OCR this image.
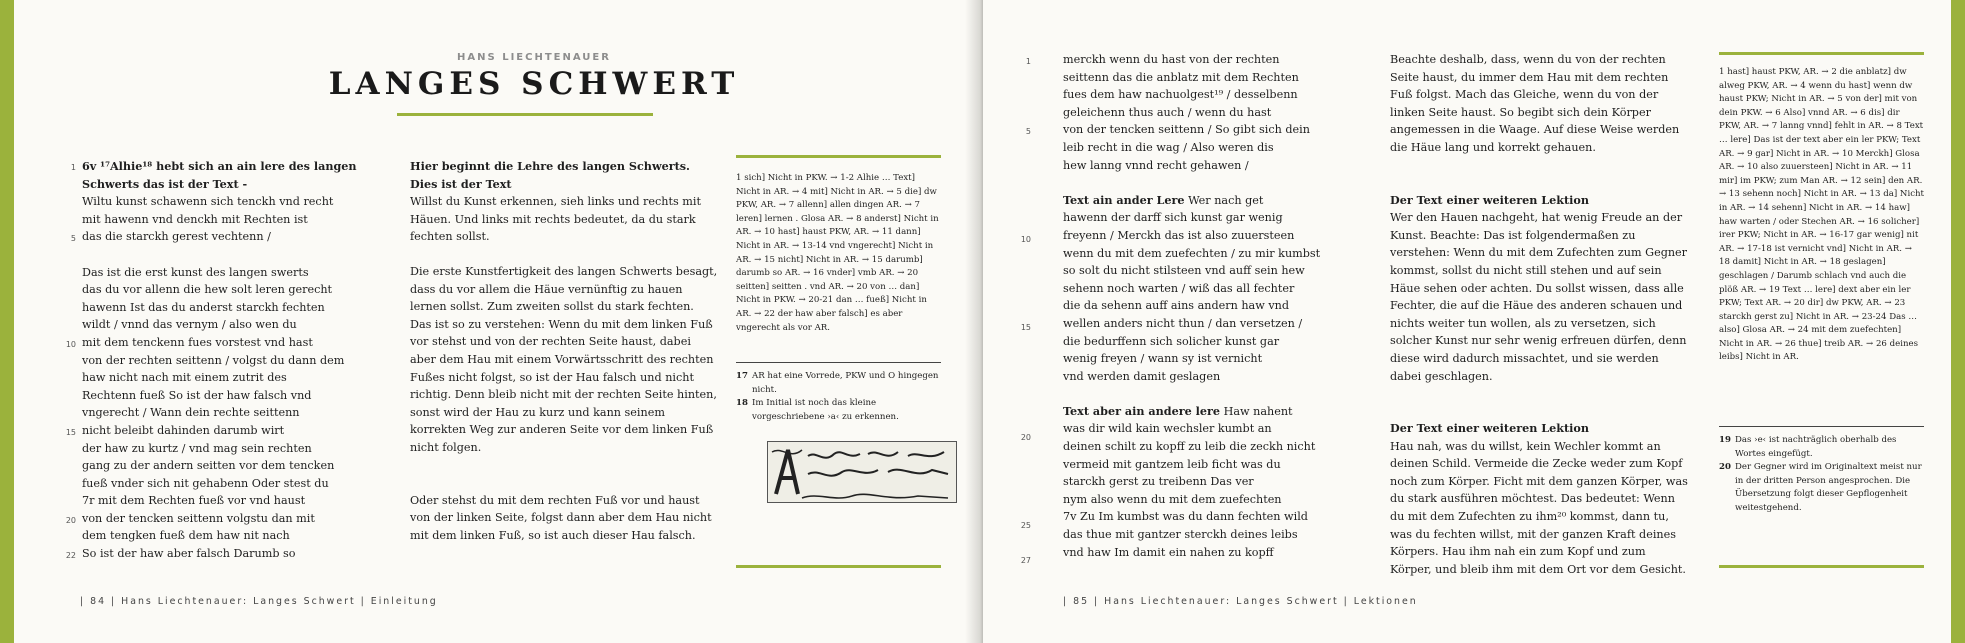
HANS LIECHTENAUER
LANGES SCHWERT
1
5
10
15
20
22
6v ¹⁷Alhie¹⁸ hebt sich an ain lere des langen
Schwerts das ist der Text -
Wiltu kunst schawenn sich tenckh vnd recht
mit hawenn vnd denckh mit Rechten ist
das die starckh gerest vechtenn /

Das ist die erst kunst des langen swerts
das du vor allenn die hew solt leren gerecht
hawenn Ist das du anderst starckh fechten
wildt / vnnd das vernym / also wen du
mit dem tenckenn fues vorstest vnd hast
von der rechten seittenn / volgst du dann dem
haw nicht nach mit einem zutrit des
Rechtenn fueß So ist der haw falsch vnd
vngerecht / Wann dein rechte seittenn
nicht beleibt dahinden darumb wirt
der haw zu kurtz / vnd mag sein rechten
gang zu der andern seitten vor dem tencken
fueß vnder sich nit gehabenn Oder stest du
7r mit dem Rechten fueß vor vnd haust
von der tencken seittenn volgstu dan mit
dem tengken fueß dem haw nit nach
So ist der haw aber falsch Darumb so
Hier beginnt die Lehre des langen Schwerts. Dies ist der Text
Willst du Kunst erkennen, sieh links und rechts mit Häuen. Und links mit rechts bedeutet, da du stark fechten sollst.
Die erste Kunstfertigkeit des langen Schwerts besagt, dass du vor allem die Häue vernünftig zu hauen lernen sollst. Zum zweiten sollst du stark fechten. Das ist so zu verstehen: Wenn du mit dem linken Fuß vor stehst und von der rechten Seite haust, dabei aber dem Hau mit einem Vorwärtsschritt des rechten Fußes nicht folgst, so ist der Hau falsch und nicht richtig. Denn bleib nicht mit der rechten Seite hinten, sonst wird der Hau zu kurz und kann seinem korrekten Weg zur anderen Seite vor dem linken Fuß nicht folgen.
Oder stehst du mit dem rechten Fuß vor und haust von der linken Seite, folgst dann aber dem Hau nicht mit dem linken Fuß, so ist auch dieser Hau falsch.
1 sich] Nicht in PKW. → 1-2 Alhie … Text] Nicht in AR. → 4 mit] Nicht in AR. → 5 die] dw PKW, AR. → 7 allenn] allen dingen AR. → 7 leren] lernen . Glosa AR. → 8 anderst] Nicht in AR. → 10 hast] haust PKW, AR. → 11 dann] Nicht in AR. → 13-14 vnd vngerecht] Nicht in AR. → 15 nicht] Nicht in AR. → 15 darumb] darumb so AR. → 16 vnder] vmb AR. → 20 seitten] seitten . vnd AR. → 20 von … dan] Nicht in PKW. → 20-21 dan … fueß] Nicht in AR. → 22 der haw aber falsch] es aber vngerecht als vor AR.
17 AR hat eine Vorrede, PKW und O hingegen nicht.
18 Im Initial ist noch das kleine vorgeschriebene ›a‹ zu erkennen.
| 84 | Hans Liechtenauer: Langes Schwert | Einleitung
1
5
10
15
20
25
27
merckh wenn du hast von der rechten
seittenn das die anblatz mit dem Rechten
fues dem haw nachuolgest¹⁹ / desselbenn
geleichenn thus auch / wenn du hast
von der tencken seittenn / So gibt sich dein
leib recht in die wag / Also weren dis
hew lanng vnnd recht gehawen /

Text ain ander Lere Wer nach get
hawenn der darff sich kunst gar wenig
freyenn / Merckh das ist also zuuersteen
wenn du mit dem zuefechten / zu mir kumbst
so solt du nicht stilsteen vnd auff sein hew
sehenn noch warten / wiß das all fechter
die da sehenn auff ains andern haw vnd
wellen anders nicht thun / dan versetzen /
die bedurffenn sich solicher kunst gar
wenig freyen / wann sy ist vernicht
vnd werden damit geslagen

Text aber ain andere lere Haw nahent
was dir wild kain wechsler kumbt an
deinen schilt zu kopff zu leib die zeckh nicht
vermeid mit gantzem leib ficht was du
starckh gerst zu treibenn Das ver
nym also wenn du mit dem zuefechten
7v Zu Im kumbst was du dann fechten wild
das thue mit gantzer sterckh deines leibs
vnd haw Im damit ein nahen zu kopff
Beachte deshalb, dass, wenn du von der rechten Seite haust, du immer dem Hau mit dem rechten Fuß folgst. Mach das Gleiche, wenn du von der linken Seite haust. So begibt sich dein Körper angemessen in die Waage. Auf diese Weise werden die Häue lang und korrekt gehauen.
Der Text einer weiteren Lektion
Wer den Hauen nachgeht, hat wenig Freude an der Kunst. Beachte: Das ist folgendermaßen zu verstehen: Wenn du mit dem Zufechten zum Gegner kommst, sollst du nicht still stehen und auf sein Häue sehen oder achten. Du sollst wissen, dass alle Fechter, die auf die Häue des anderen schauen und nichts weiter tun wollen, als zu versetzen, sich solcher Kunst nur sehr wenig erfreuen dürfen, denn diese wird dadurch missachtet, und sie werden dabei geschlagen.
Der Text einer weiteren Lektion
Hau nah, was du willst, kein Wechler kommt an deinen Schild. Vermeide die Zecke weder zum Kopf noch zum Körper. Ficht mit dem ganzen Körper, was du stark ausführen möchtest. Das bedeutet: Wenn du mit dem Zufechten zu ihm²⁰ kommst, dann tu, was du fechten willst, mit der ganzen Kraft deines Körpers. Hau ihm nah ein zum Kopf und zum Körper, und bleib ihm mit dem Ort vor dem Gesicht.
1 hast] haust PKW, AR. → 2 die anblatz] dw alweg PKW, AR. → 4 wenn du hast] wenn dw haust PKW; Nicht in AR. → 5 von der] mit von dein PKW. → 6 Also] vnnd AR. → 6 dis] dir PKW, AR. → 7 lanng vnnd] fehlt in AR. → 8 Text … lere] Das ist der text aber ein ler PKW; Text AR. → 9 gar] Nicht in AR. → 10 Merckh] Glosa AR. → 10 also zuuersteen] Nicht in AR. → 11 mir] im PKW; zum Man AR. → 12 sein] den AR. → 13 sehenn noch] Nicht in AR. → 13 da] Nicht in AR. → 14 sehenn] Nicht in AR. → 14 haw] haw warten / oder Stechen AR. → 16 solicher] irer PKW; Nicht in AR. → 16-17 gar wenig] nit AR. → 17-18 ist vernicht vnd] Nicht in AR. → 18 damit] Nicht in AR. → 18 geslagen] geschlagen / Darumb schlach vnd auch die plöß AR. → 19 Text … lere] dext aber ein ler PKW; Text AR. → 20 dir] dw PKW, AR. → 23 starckh gerst zu] Nicht in AR. → 23-24 Das … also] Glosa AR. → 24 mit dem zuefechten] Nicht in AR. → 26 thue] treib AR. → 26 deines leibs] Nicht in AR.
19 Das ›e‹ ist nachträglich oberhalb des Wortes eingefügt.
20 Der Gegner wird im Originaltext meist nur in der dritten Person angesprochen. Die Übersetzung folgt dieser Gepflogenheit weitestgehend.
| 85 | Hans Liechtenauer: Langes Schwert | Lektionen
